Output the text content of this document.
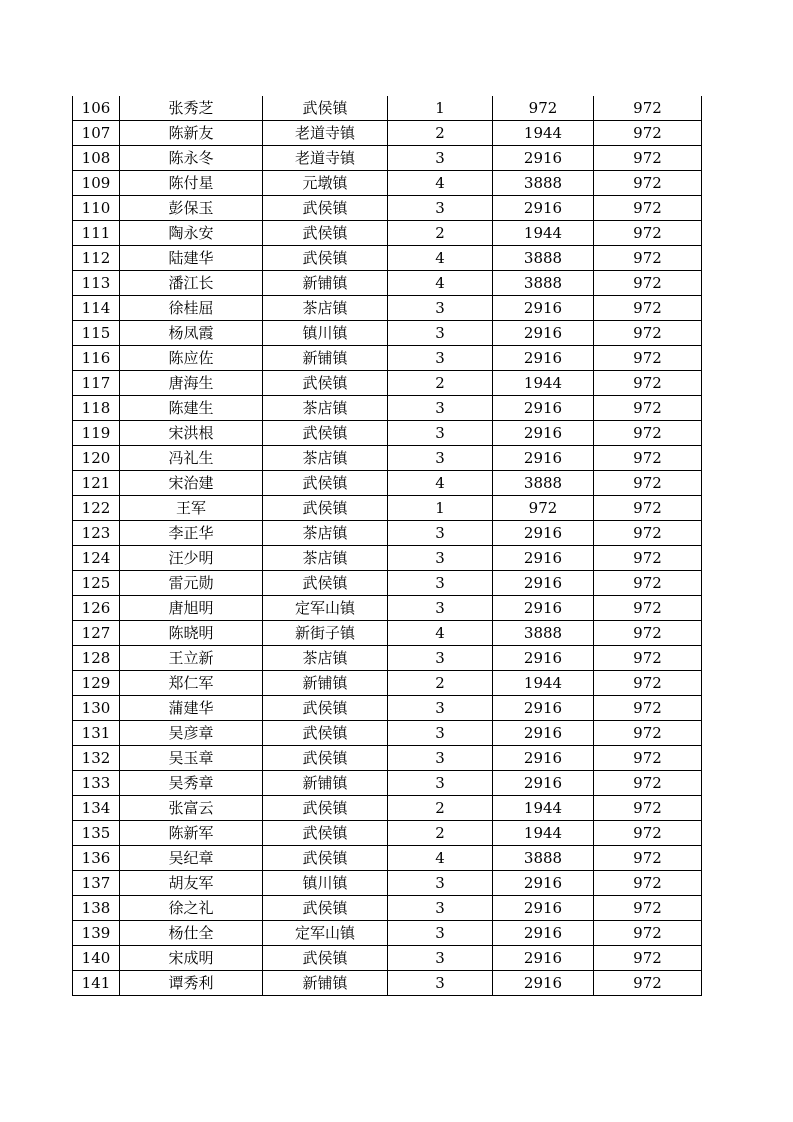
106	张秀芝	武侯镇	1	972	972
107	陈新友	老道寺镇	2	1944	972
108	陈永冬	老道寺镇	3	2916	972
109	陈付星	元墩镇	4	3888	972
110	彭保玉	武侯镇	3	2916	972
111	陶永安	武侯镇	2	1944	972
112	陆建华	武侯镇	4	3888	972
113	潘江长	新铺镇	4	3888	972
114	徐桂屈	茶店镇	3	2916	972
115	杨凤霞	镇川镇	3	2916	972
116	陈应佐	新铺镇	3	2916	972
117	唐海生	武侯镇	2	1944	972
118	陈建生	茶店镇	3	2916	972
119	宋洪根	武侯镇	3	2916	972
120	冯礼生	茶店镇	3	2916	972
121	宋治建	武侯镇	4	3888	972
122	王军	武侯镇	1	972	972
123	李正华	茶店镇	3	2916	972
124	汪少明	茶店镇	3	2916	972
125	雷元勋	武侯镇	3	2916	972
126	唐旭明	定军山镇	3	2916	972
127	陈晓明	新街子镇	4	3888	972
128	王立新	茶店镇	3	2916	972
129	郑仁军	新铺镇	2	1944	972
130	蒲建华	武侯镇	3	2916	972
131	吴彦章	武侯镇	3	2916	972
132	吴玉章	武侯镇	3	2916	972
133	吴秀章	新铺镇	3	2916	972
134	张富云	武侯镇	2	1944	972
135	陈新军	武侯镇	2	1944	972
136	吴纪章	武侯镇	4	3888	972
137	胡友军	镇川镇	3	2916	972
138	徐之礼	武侯镇	3	2916	972
139	杨仕全	定军山镇	3	2916	972
140	宋成明	武侯镇	3	2916	972
141	谭秀利	新铺镇	3	2916	972
